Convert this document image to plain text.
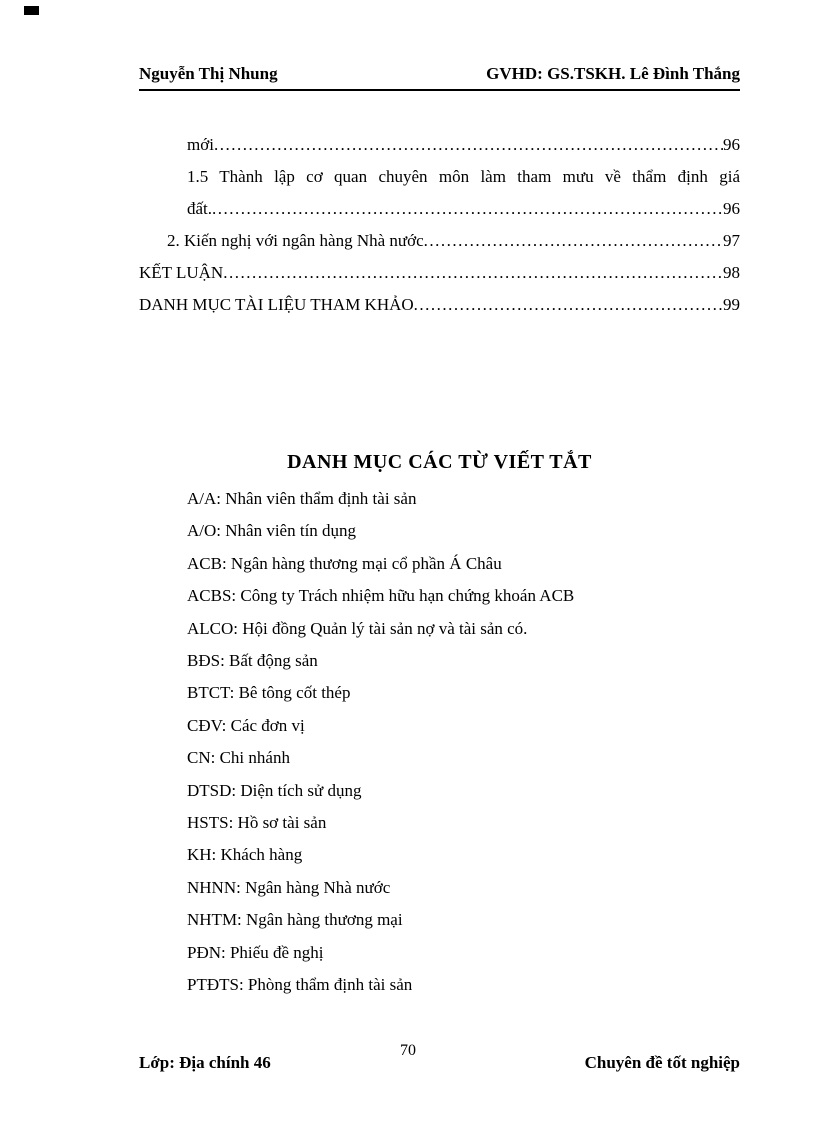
Nguyễn Thị Nhung	GVHD: GS.TSKH. Lê Đình Thắng
mới .....	96
1.5 Thành lập cơ quan chuyên môn làm tham mưu về thẩm định giá
đất. .....	96
2. Kiến nghị với ngân hàng Nhà nước .....	97
KẾT LUẬN .....	98
DANH MỤC TÀI LIỆU THAM KHẢO .....	99
DANH MỤC CÁC TỪ VIẾT TẮT

A/A: Nhân viên thẩm định tài sản

A/O: Nhân viên tín dụng

ACB: Ngân hàng thương mại cổ phần Á Châu

ACBS: Công ty Trách nhiệm hữu hạn chứng khoán ACB

ALCO: Hội đồng Quản lý tài sản nợ và tài sản có.

BĐS: Bất động sản

BTCT: Bê tông cốt thép

CĐV: Các đơn vị

CN: Chi nhánh

DTSD: Diện tích sử dụng

HSTS: Hồ sơ tài sản

KH: Khách hàng

NHNN: Ngân hàng Nhà nước

NHTM: Ngân hàng thương mại

PĐN: Phiếu đề nghị

PTĐTS: Phòng thẩm định tài sản

Lớp: Địa chính 46
70
Chuyên đề tốt nghiệp
